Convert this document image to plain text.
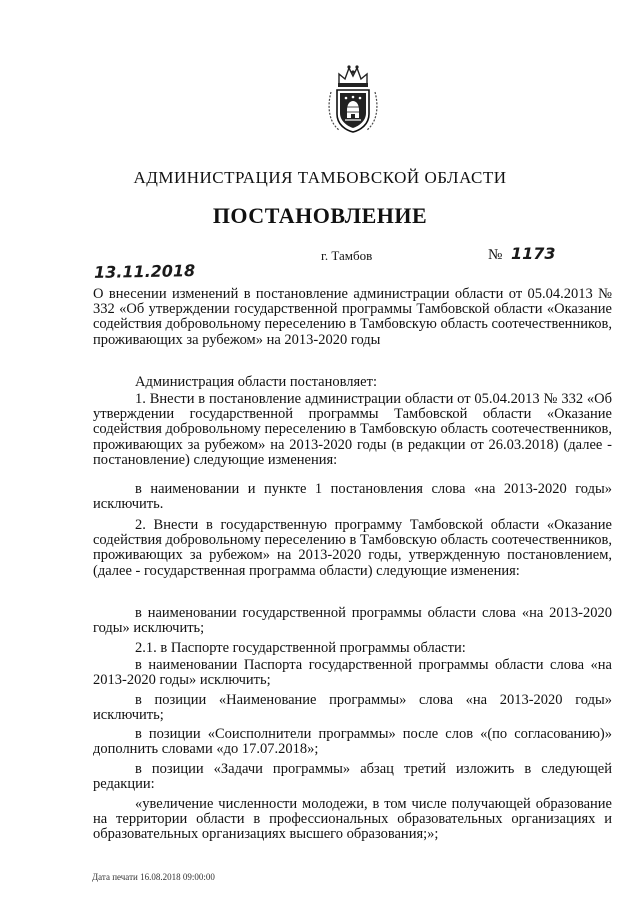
АДМИНИСТРАЦИЯ ТАМБОВСКОЙ ОБЛАСТИ
ПОСТАНОВЛЕНИЕ
г. Тамбов	№ 1173
13.11.2018
О внесении изменений в постановление администрации области от 05.04.2013 № 332 «Об утверждении государственной программы Тамбовской области «Оказание содействия добровольному переселению в Тамбовскую область соотечественников, проживающих за рубежом» на 2013-2020 годы
Администрация области постановляет:
1. Внести в постановление администрации области от 05.04.2013 № 332 «Об утверждении государственной программы Тамбовской области «Оказание содействия добровольному переселению в Тамбовскую область соотечественников, проживающих за рубежом» на 2013-2020 годы (в редакции от 26.03.2018) (далее - постановление) следующие изменения:
в наименовании и пункте 1 постановления слова «на 2013-2020 годы» исключить.
2. Внести в государственную программу Тамбовской области «Оказание содействия добровольному переселению в Тамбовскую область соотечественников, проживающих за рубежом» на 2013-2020 годы, утвержденную постановлением, (далее - государственная программа области) следующие изменения:
в наименовании государственной программы области слова «на 2013-2020 годы» исключить;
2.1. в Паспорте государственной программы области:
в наименовании Паспорта государственной программы области слова «на 2013-2020 годы» исключить;
в позиции «Наименование программы» слова «на 2013-2020 годы» исключить;
в позиции «Соисполнители программы» после слов «(по согласованию)» дополнить словами «до 17.07.2018»;
в позиции «Задачи программы» абзац третий изложить в следующей редакции:
«увеличение численности молодежи, в том числе получающей образование на территории области в профессиональных образовательных организациях и образовательных организациях высшего образования;»;
Дата печати 16.08.2018 09:00:00
